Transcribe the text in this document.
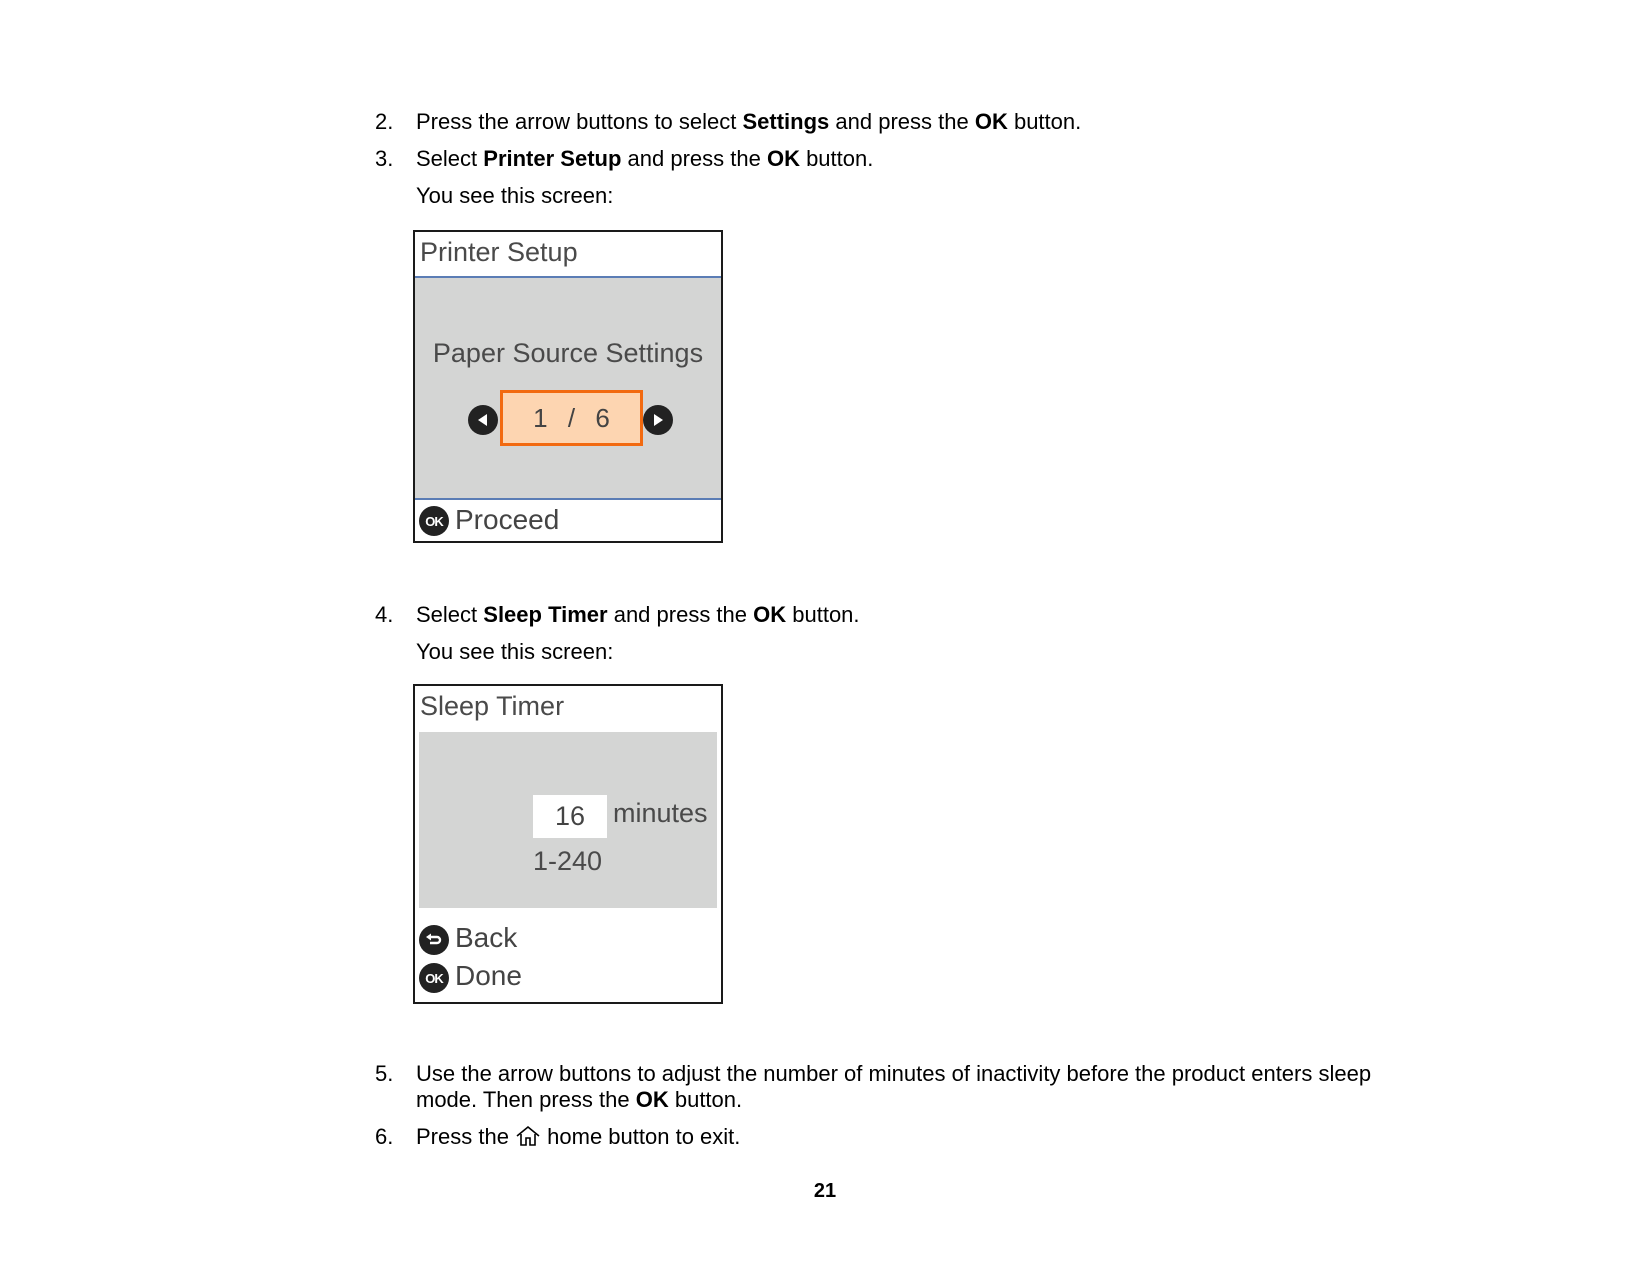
2. Press the arrow buttons to select Settings and press the OK button.
3. Select Printer Setup and press the OK button.
You see this screen:
Printer Setup
Paper Source Settings
1 / 6
OK Proceed
4. Select Sleep Timer and press the OK button.
You see this screen:
Sleep Timer
16	minutes
1-240
Back
OK Done
5. Use the arrow buttons to adjust the number of minutes of inactivity before the product enters sleep
mode. Then press the OK button.
6. Press the  home button to exit.
21
